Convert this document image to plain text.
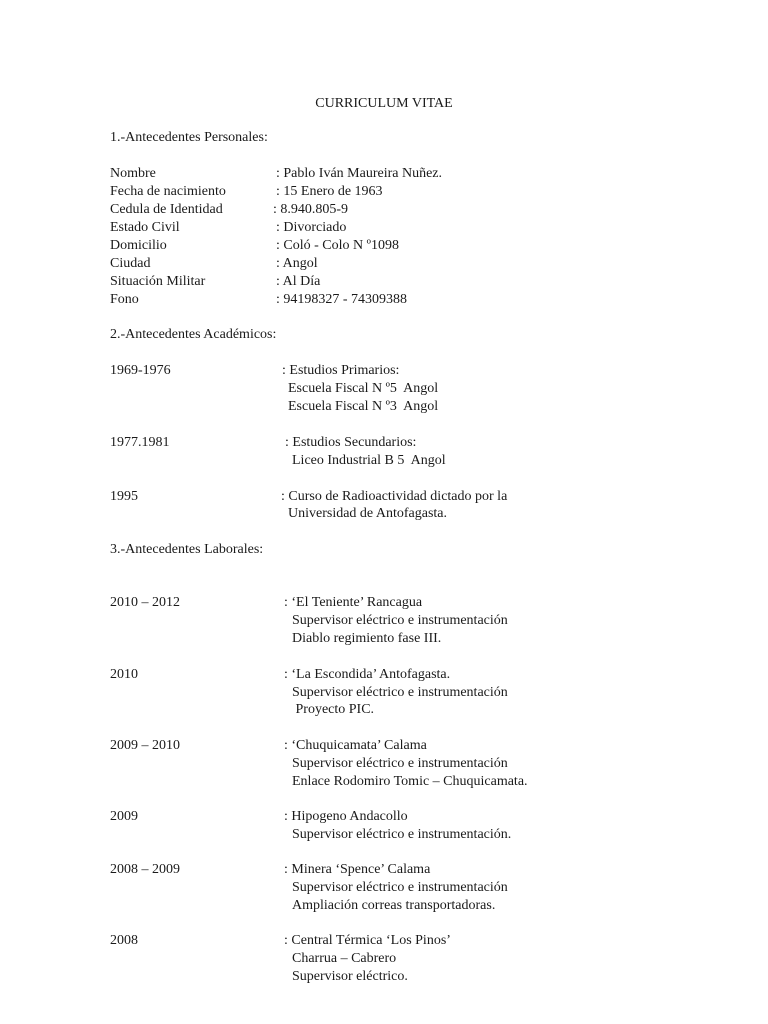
CURRICULUM VITAE
1.-Antecedentes Personales:
Nombre	: Pablo Iván Maureira Nuñez.
Fecha de nacimiento	: 15 Enero de 1963
Cedula de Identidad	: 8.940.805-9
Estado Civil	: Divorciado
Domicilio	: Coló - Colo N º1098
Ciudad	: Angol
Situación Militar	: Al Día
Fono	: 94198327 - 74309388
2.-Antecedentes Académicos:
1969-1976	: Estudios Primarios:
Escuela Fiscal N º5  Angol
Escuela Fiscal N º3  Angol
1977.1981	: Estudios Secundarios:
Liceo Industrial B 5  Angol
1995	: Curso de Radioactividad dictado por la
Universidad de Antofagasta.
3.-Antecedentes Laborales:
2010 – 2012	: ‘El Teniente’ Rancagua
Supervisor eléctrico e instrumentación
Diablo regimiento fase III.
2010	: ‘La Escondida’ Antofagasta.
Supervisor eléctrico e instrumentación
Proyecto PIC.
2009 – 2010	: ‘Chuquicamata’ Calama
Supervisor eléctrico e instrumentación
Enlace Rodomiro Tomic – Chuquicamata.
2009	: Hipogeno Andacollo
Supervisor eléctrico e instrumentación.
2008 – 2009	: Minera ‘Spence’ Calama
Supervisor eléctrico e instrumentación
Ampliación correas transportadoras.
2008	: Central Térmica ‘Los Pinos’
Charrua – Cabrero
Supervisor eléctrico.
